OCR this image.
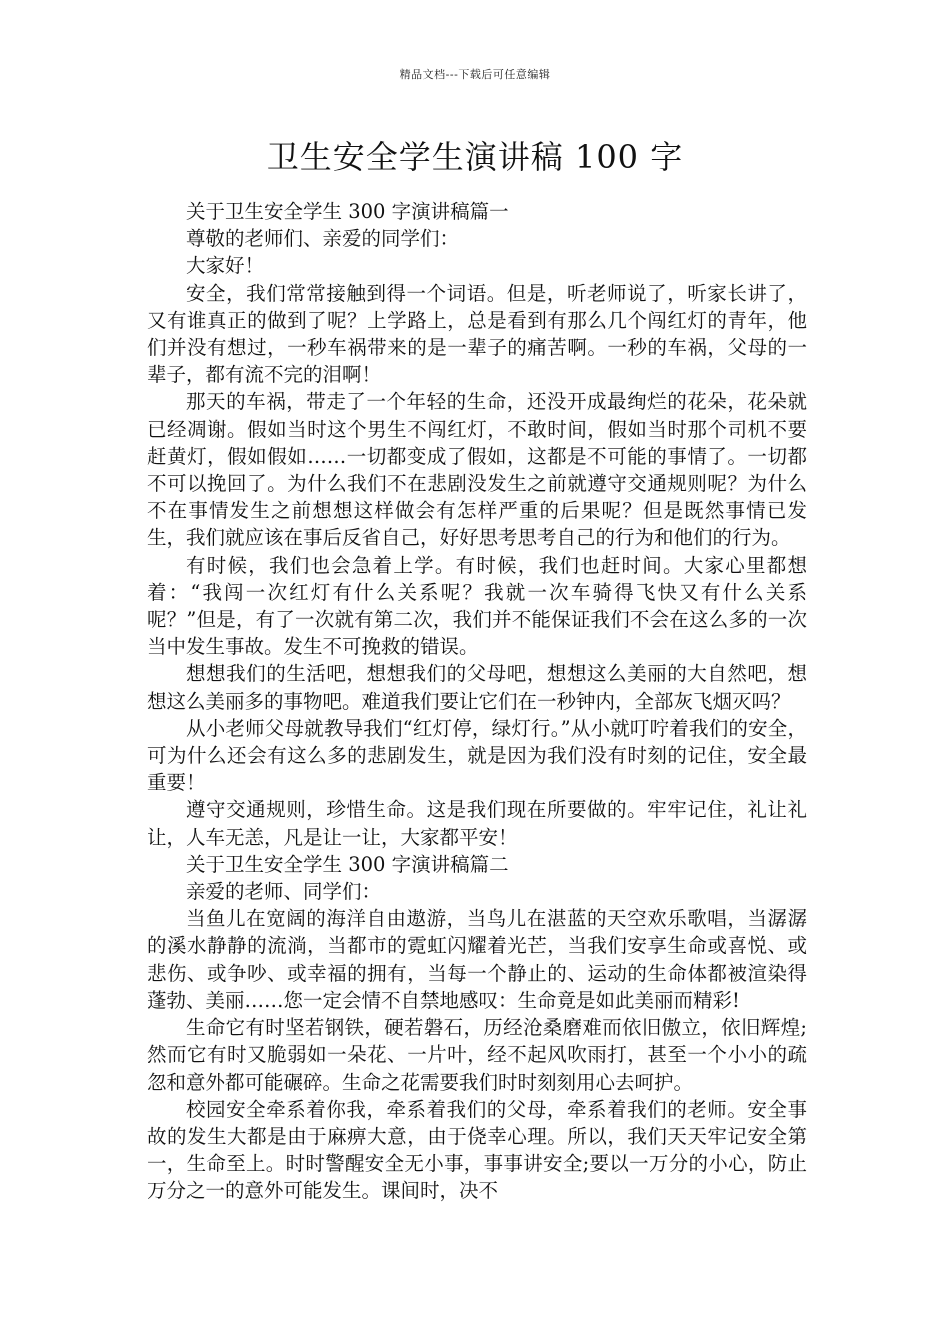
精品文档---下载后可任意编辑
卫生安全学生演讲稿 100 字

关于卫生安全学生 300 字演讲稿篇一

尊敬的老师们、亲爱的同学们：

大家好！

安全，我们常常接触到得一个词语。但是，听老师说了，听家长讲了，又有谁真正的做到了呢？上学路上，总是看到有那么几个闯红灯的青年，他们并没有想过，一秒车祸带来的是一辈子的痛苦啊。一秒的车祸，父母的一辈子，都有流不完的泪啊！

那天的车祸，带走了一个年轻的生命，还没开成最绚烂的花朵，花朵就已经凋谢。假如当时这个男生不闯红灯，不敢时间，假如当时那个司机不要赶黄灯，假如假如……一切都变成了假如，这都是不可能的事情了。一切都不可以挽回了。为什么我们不在悲剧没发生之前就遵守交通规则呢？为什么不在事情发生之前想想这样做会有怎样严重的后果呢？但是既然事情已发生，我们就应该在事后反省自己，好好思考思考自己的行为和他们的行为。

有时候，我们也会急着上学。有时候，我们也赶时间。大家心里都想着：“我闯一次红灯有什么关系呢？我就一次车骑得飞快又有什么关系呢？”但是，有了一次就有第二次，我们并不能保证我们不会在这么多的一次当中发生事故。发生不可挽救的错误。

想想我们的生活吧，想想我们的父母吧，想想这么美丽的大自然吧，想想这么美丽多的事物吧。难道我们要让它们在一秒钟内，全部灰飞烟灭吗？

从小老师父母就教导我们“红灯停，绿灯行。”从小就叮咛着我们的安全，可为什么还会有这么多的悲剧发生，就是因为我们没有时刻的记住，安全最重要！

遵守交通规则，珍惜生命。这是我们现在所要做的。牢牢记住，礼让礼让，人车无恙，凡是让一让，大家都平安！

关于卫生安全学生 300 字演讲稿篇二

亲爱的老师、同学们：

当鱼儿在宽阔的海洋自由遨游，当鸟儿在湛蓝的天空欢乐歌唱，当潺潺的溪水静静的流淌，当都市的霓虹闪耀着光芒，当我们安享生命或喜悦、或悲伤、或争吵、或幸福的拥有，当每一个静止的、运动的生命体都被渲染得蓬勃、美丽……您一定会情不自禁地感叹：生命竟是如此美丽而精彩!

生命它有时坚若钢铁，硬若磐石，历经沧桑磨难而依旧傲立，依旧辉煌;然而它有时又脆弱如一朵花、一片叶，经不起风吹雨打，甚至一个小小的疏忽和意外都可能碾碎。生命之花需要我们时时刻刻用心去呵护。

校园安全牵系着你我，牵系着我们的父母，牵系着我们的老师。安全事故的发生大都是由于麻痹大意，由于侥幸心理。所以，我们天天牢记安全第一，生命至上。时时警醒安全无小事，事事讲安全;要以一万分的小心，防止万分之一的意外可能发生。课间时，决不
